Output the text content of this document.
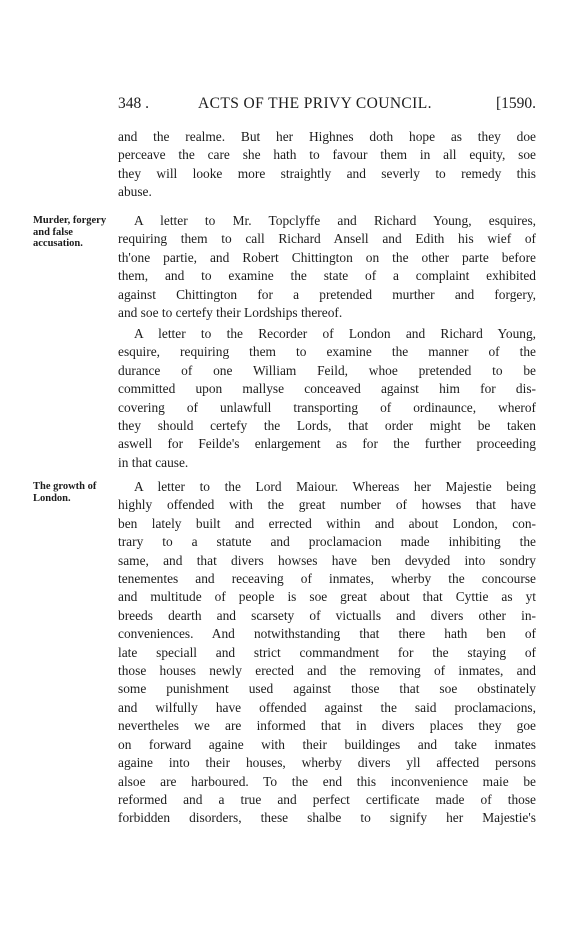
348 .	ACTS OF THE PRIVY COUNCIL.	[1590.
Murder, forgery and false accusation.
The growth of London.
and the realme. But her Highnes doth hope as they doe
perceave the care she hath to favour them in all equity, soe
they will looke more straightly and severly to remedy this
abuse.
A letter to Mr. Topclyffe and Richard Young, esquires,
requiring them to call Richard Ansell and Edith his wief of
th'one partie, and Robert Chittington on the other parte before
them, and to examine the state of a complaint exhibited
against Chittington for a pretended murther and forgery,
and soe to certefy their Lordships thereof.
A letter to the Recorder of London and Richard Young,
esquire, requiring them to examine the manner of the
durance of one William Feild, whoe pretended to be
committed upon mallyse conceaved against him for dis-
covering of unlawfull transporting of ordinaunce, wherof
they should certefy the Lords, that order might be taken
aswell for Feilde's enlargement as for the further proceeding
in that cause.
A letter to the Lord Maiour. Whereas her Majestie being
highly offended with the great number of howses that have
ben lately built and errected within and about London, con-
trary to a statute and proclamacion made inhibiting the
same, and that divers howses have ben devyded into sondry
tenementes and receaving of inmates, wherby the concourse
and multitude of people is soe great about that Cyttie as yt
breeds dearth and scarsety of victualls and divers other in-
conveniences. And notwithstanding that there hath ben of
late speciall and strict commandment for the staying of
those houses newly erected and the removing of inmates, and
some punishment used against those that soe obstinately
and wilfully have offended against the said proclamacions,
nevertheles we are informed that in divers places they goe
on forward againe with their buildinges and take inmates
againe into their houses, wherby divers yll affected persons
alsoe are harboured. To the end this inconvenience maie be
reformed and a true and perfect certificate made of those
forbidden disorders, these shalbe to signify her Majestie's
